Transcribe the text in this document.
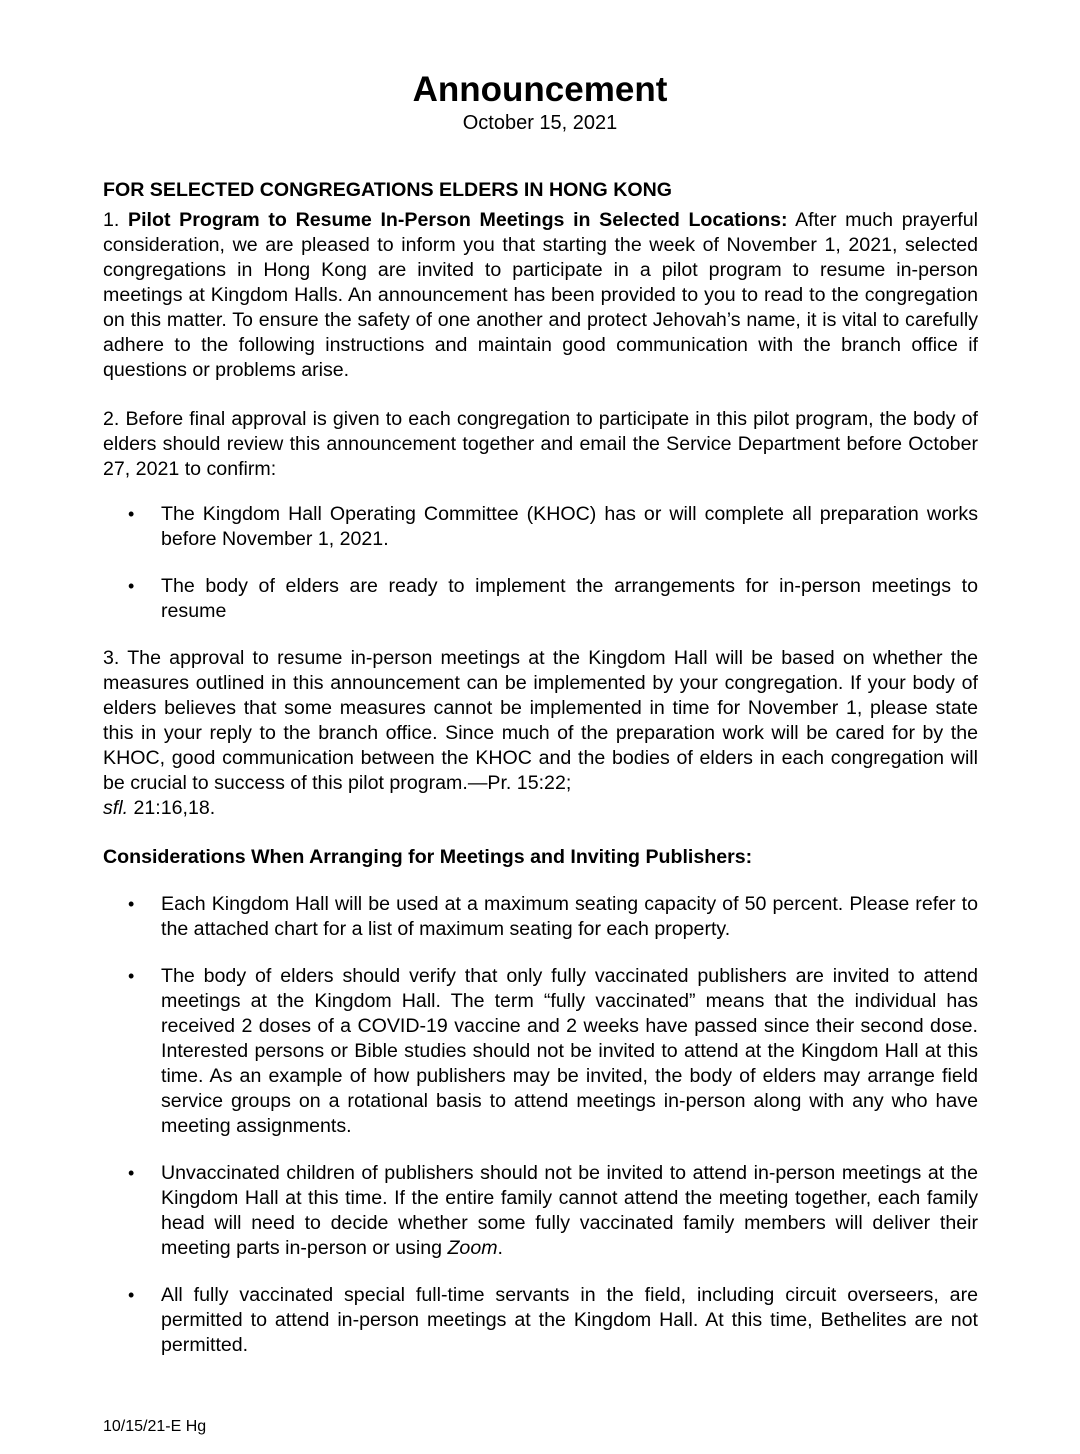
Announcement
October 15, 2021
FOR SELECTED CONGREGATIONS ELDERS IN HONG KONG
1. Pilot Program to Resume In-Person Meetings in Selected Locations: After much prayerful consideration, we are pleased to inform you that starting the week of November 1, 2021, selected congregations in Hong Kong are invited to participate in a pilot program to resume in-person meetings at Kingdom Halls. An announcement has been provided to you to read to the congregation on this matter. To ensure the safety of one another and protect Jehovah’s name, it is vital to carefully adhere to the following instructions and maintain good communication with the branch office if questions or problems arise.
2. Before final approval is given to each congregation to participate in this pilot program, the body of elders should review this announcement together and email the Service Department before October 27, 2021 to confirm:
•	The Kingdom Hall Operating Committee (KHOC) has or will complete all preparation works before November 1, 2021.
•	The body of elders are ready to implement the arrangements for in-person meetings to resume
3. The approval to resume in-person meetings at the Kingdom Hall will be based on whether the measures outlined in this announcement can be implemented by your congregation. If your body of elders believes that some measures cannot be implemented in time for November 1, please state this in your reply to the branch office. Since much of the preparation work will be cared for by the KHOC, good communication between the KHOC and the bodies of elders in each congregation will be crucial to success of this pilot program.—Pr. 15:22;
sfl. 21:16,18.
Considerations When Arranging for Meetings and Inviting Publishers:
•	Each Kingdom Hall will be used at a maximum seating capacity of 50 percent. Please refer to the attached chart for a list of maximum seating for each property.
•	The body of elders should verify that only fully vaccinated publishers are invited to attend meetings at the Kingdom Hall. The term “fully vaccinated” means that the individual has received 2 doses of a COVID-19 vaccine and 2 weeks have passed since their second dose. Interested persons or Bible studies should not be invited to attend at the Kingdom Hall at this time. As an example of how publishers may be invited, the body of elders may arrange field service groups on a rotational basis to attend meetings in-person along with any who have meeting assignments.
•	Unvaccinated children of publishers should not be invited to attend in-person meetings at the Kingdom Hall at this time. If the entire family cannot attend the meeting together, each family head will need to decide whether some fully vaccinated family members will deliver their meeting parts in-person or using Zoom.
•	All fully vaccinated special full-time servants in the field, including circuit overseers, are permitted to attend in-person meetings at the Kingdom Hall. At this time, Bethelites are not permitted.
10/15/21-E Hg
